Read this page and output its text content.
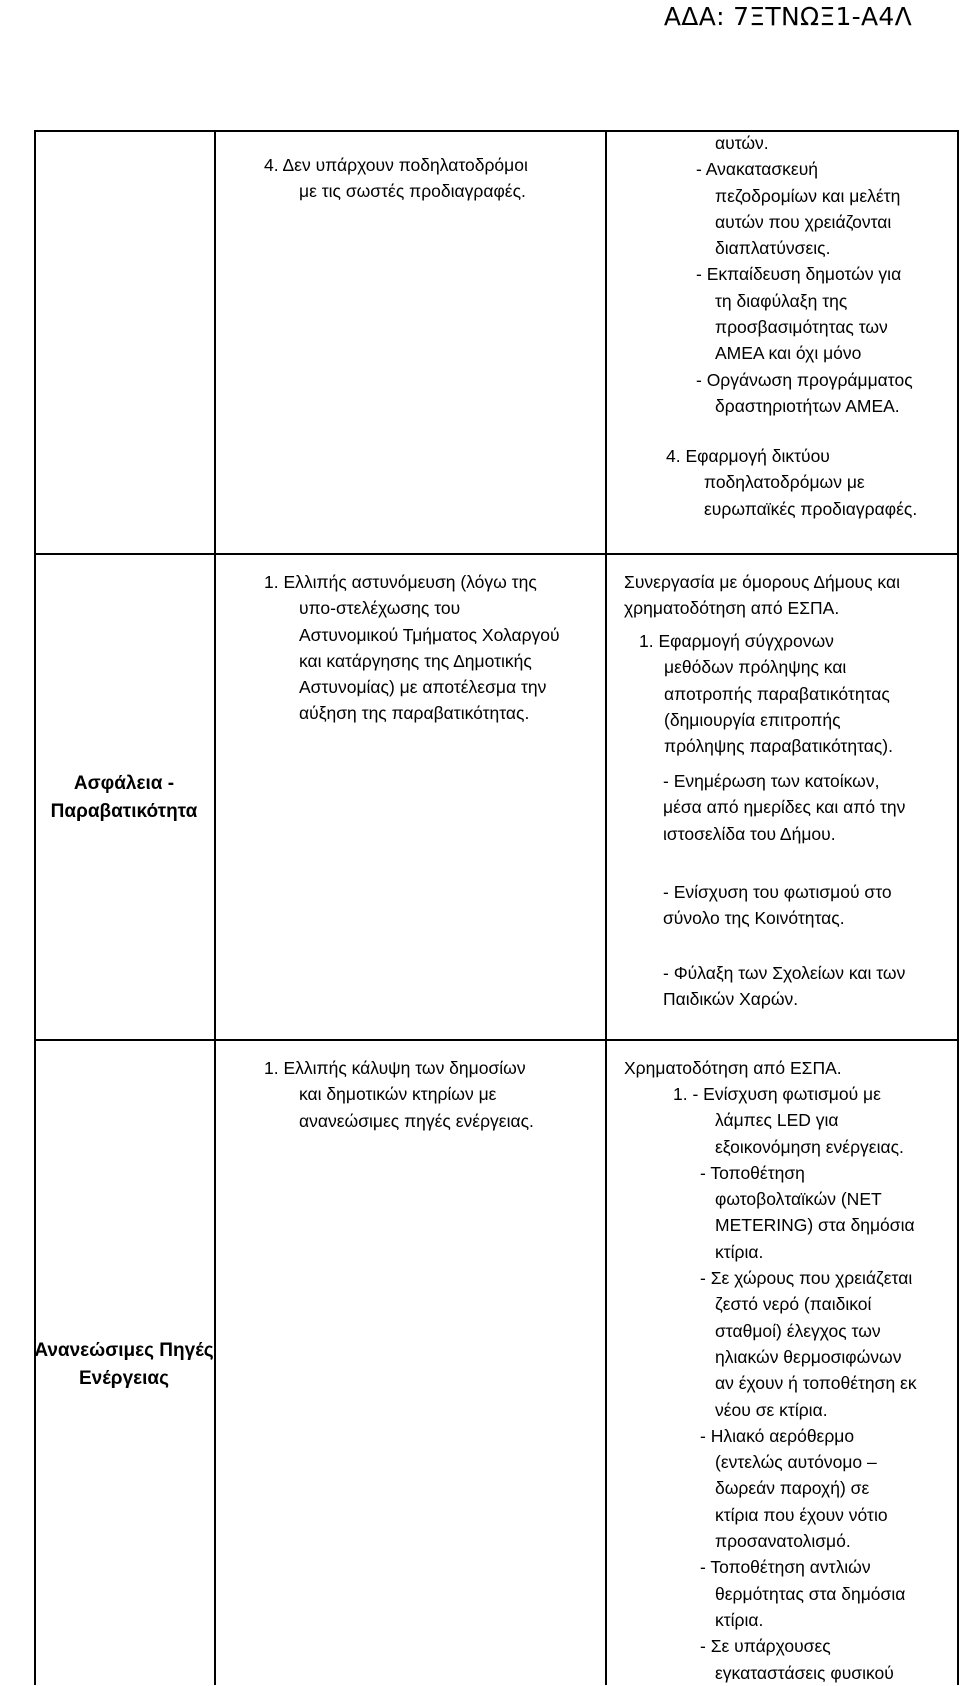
ΑΔΑ: 7ΞΤΝΩΞ1-Α4Λ

4. Δεν υπάρχουν ποδηλατοδρόμοι

με τις σωστές προδιαγραφές.

αυτών.

- Ανακατασκευή

πεζοδρομίων και μελέτη

αυτών που χρειάζονται

διαπλατύνσεις.

- Εκπαίδευση δημοτών για

τη διαφύλαξη της

προσβασιμότητας των

ΑΜΕΑ και όχι μόνο

- Οργάνωση προγράμματος

δραστηριοτήτων ΑΜΕΑ.

4. Εφαρμογή δικτύου

ποδηλατοδρόμων με

ευρωπαϊκές προδιαγραφές.

Ασφάλεια -
Παραβατικότητα

1. Ελλιπής αστυνόμευση (λόγω της

υπο-στελέχωσης του

Αστυνομικού Τμήματος Χολαργού

και κατάργησης της Δημοτικής

Αστυνομίας) με αποτέλεσμα την

αύξηση της παραβατικότητας.

Συνεργασία με όμορους Δήμους και

χρηματοδότηση από ΕΣΠΑ.

1. Εφαρμογή σύγχρονων

μεθόδων πρόληψης και

αποτροπής παραβατικότητας

(δημιουργία επιτροπής

πρόληψης παραβατικότητας).

- Ενημέρωση των κατοίκων,

μέσα από ημερίδες και από την

ιστοσελίδα του Δήμου.

- Ενίσχυση του φωτισμού στο

σύνολο της Κοινότητας.

- Φύλαξη των Σχολείων και των

Παιδικών Χαρών.

Ανανεώσιμες Πηγές
Ενέργειας

1. Ελλιπής κάλυψη των δημοσίων

και δημοτικών κτηρίων με

ανανεώσιμες πηγές ενέργειας.

Χρηματοδότηση από ΕΣΠΑ.

1. - Ενίσχυση φωτισμού με

λάμπες LED για

εξοικονόμηση ενέργειας.

- Τοποθέτηση

φωτοβολταϊκών (NET

METERING) στα δημόσια

κτίρια.

- Σε χώρους που χρειάζεται

ζεστό νερό (παιδικοί

σταθμοί) έλεγχος των

ηλιακών θερμοσιφώνων

αν έχουν ή τοποθέτηση εκ

νέου σε κτίρια.

- Ηλιακό αερόθερμο

(εντελώς αυτόνομο –

δωρεάν παροχή) σε

κτίρια που έχουν νότιο

προσανατολισμό.

- Τοποθέτηση αντλιών

θερμότητας στα δημόσια

κτίρια.

- Σε υπάρχουσες

εγκαταστάσεις φυσικού
